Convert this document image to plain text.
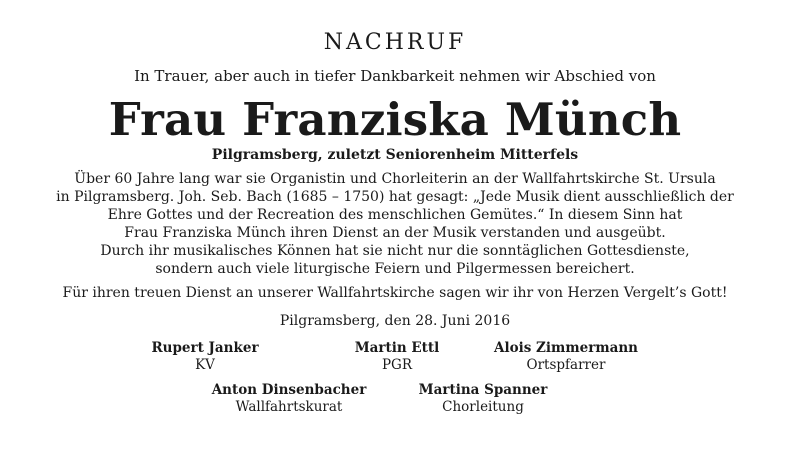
NACHRUF
In Trauer, aber auch in tiefer Dankbarkeit nehmen wir Abschied von
Frau Franziska Münch
Pilgramsberg, zuletzt Seniorenheim Mitterfels
Über 60 Jahre lang war sie Organistin und Chorleiterin an der Wallfahrtskirche St. Ursula
in Pilgramsberg. Joh. Seb. Bach (1685 – 1750) hat gesagt: „Jede Musik dient ausschließlich der
Ehre Gottes und der Recreation des menschlichen Gemütes.“ In diesem Sinn hat
Frau Franziska Münch ihren Dienst an der Musik verstanden und ausgeübt.
Durch ihr musikalisches Können hat sie nicht nur die sonntäglichen Gottesdienste,
sondern auch viele liturgische Feiern und Pilgermessen bereichert.
Für ihren treuen Dienst an unserer Wallfahrtskirche sagen wir ihr von Herzen Vergelt’s Gott!
Pilgramsberg, den 28. Juni 2016
Rupert Janker
KV
Martin Ettl
PGR
Alois Zimmermann
Ortspfarrer
Anton Dinsenbacher
Wallfahrtskurat
Martina Spanner
Chorleitung
